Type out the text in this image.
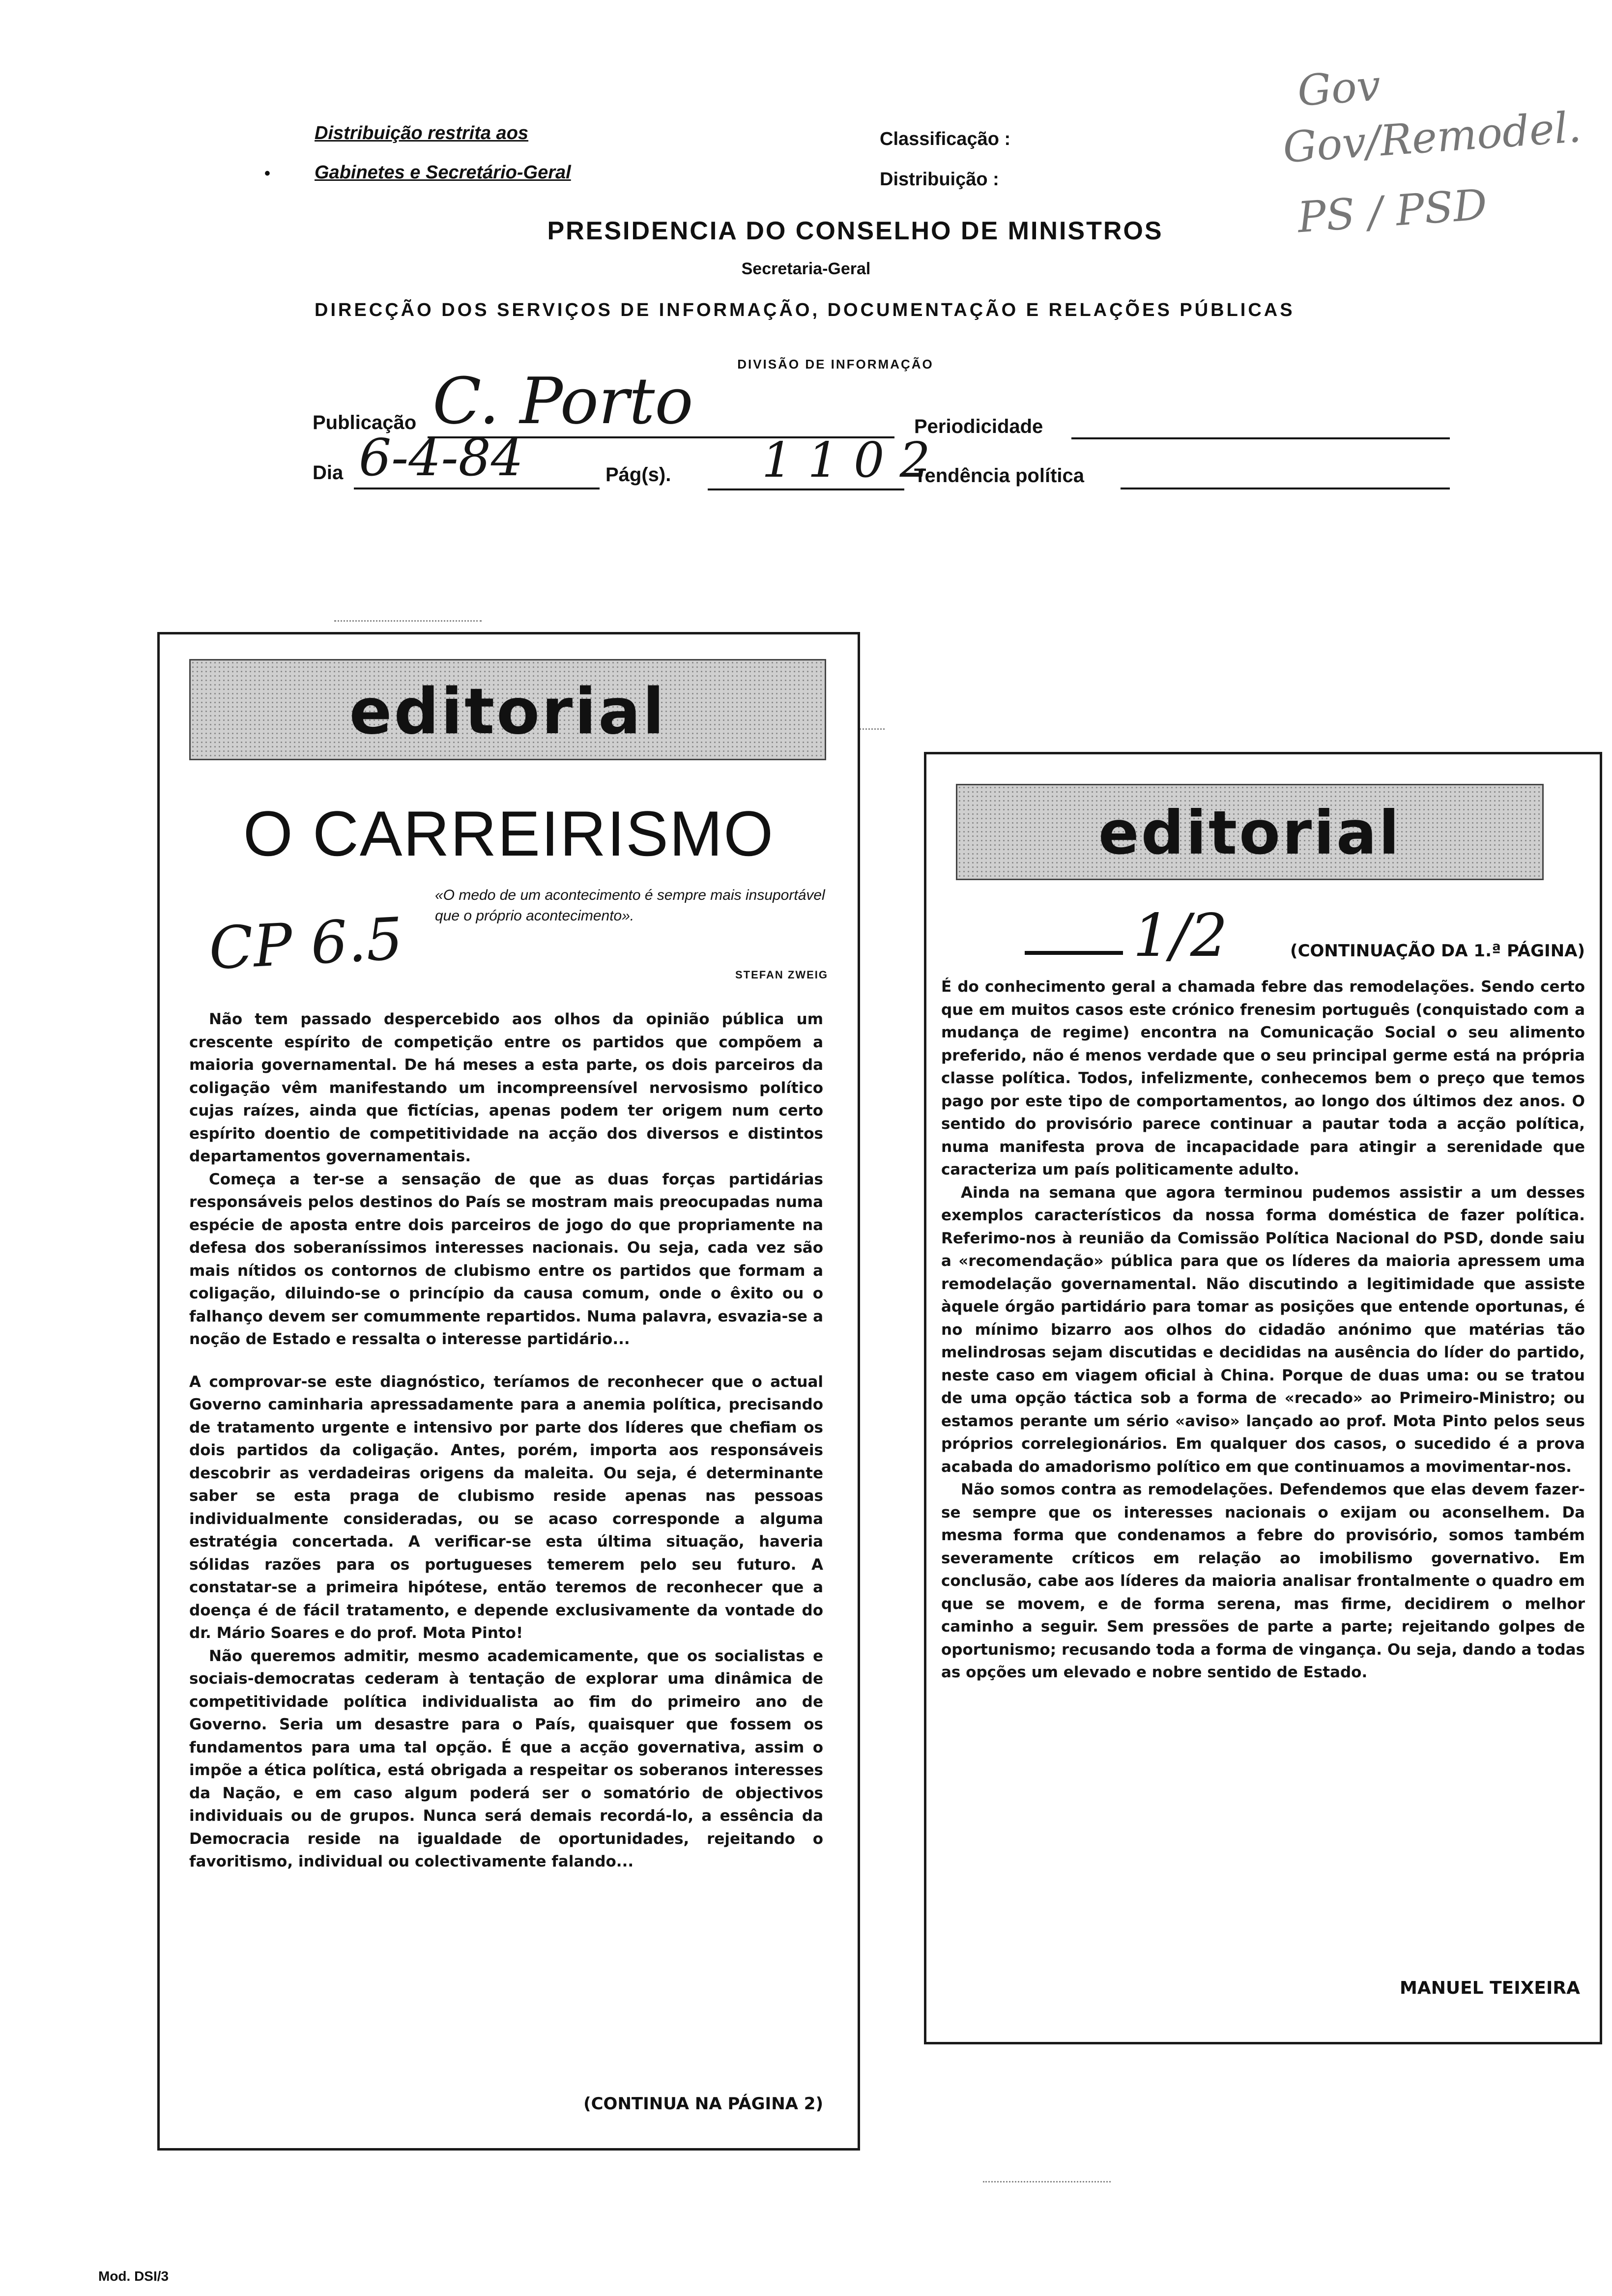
Distribuição restrita aos
• Gabinetes e Secretário-Geral
Classificação :
Distribuição :
PRESIDENCIA DO CONSELHO DE MINISTROS
Secretaria-Geral
DIRECÇÃO DOS SERVIÇOS DE INFORMAÇÃO, DOCUMENTAÇÃO E RELAÇÕES PÚBLICAS
DIVISÃO DE INFORMAÇÃO
Gov
Gov/Remodel.
PS / PSD
Publicação C. Porto	Periodicidade
Dia 6-4-84	Pág(s). 1 1 0 2
Tendência política
editorial
O CARREIRISMO
CP 6.5
«O medo de um acontecimento é sempre mais insuportável que o próprio acontecimento».
STEFAN ZWEIG

Não tem passado despercebido aos olhos da opinião pública um crescente espírito de competição entre os partidos que compõem a maioria governamental. De há meses a esta parte, os dois parceiros da coligação vêm manifestando um incompreensível nervosismo político cujas raízes, ainda que fictícias, apenas podem ter origem num certo espírito doentio de competitividade na acção dos diversos e distintos departamentos governamentais.

Começa a ter-se a sensação de que as duas forças partidárias responsáveis pelos destinos do País se mostram mais preocupadas numa espécie de aposta entre dois parceiros de jogo do que propriamente na defesa dos soberaníssimos interesses nacionais. Ou seja, cada vez são mais nítidos os contornos de clubismo entre os partidos que formam a coligação, diluindo-se o princípio da causa comum, onde o êxito ou o falhanço devem ser comummente repartidos. Numa palavra, esvazia-se a noção de Estado e ressalta o interesse partidário...

A comprovar-se este diagnóstico, teríamos de reconhecer que o actual Governo caminharia apressadamente para a anemia política, precisando de tratamento urgente e intensivo por parte dos líderes que chefiam os dois partidos da coligação. Antes, porém, importa aos responsáveis descobrir as verdadeiras origens da maleita. Ou seja, é determinante saber se esta praga de clubismo reside apenas nas pessoas individualmente consideradas, ou se acaso corresponde a alguma estratégia concertada. A verificar-se esta última situação, haveria sólidas razões para os portugueses temerem pelo seu futuro. A constatar-se a primeira hipótese, então teremos de reconhecer que a doença é de fácil tratamento, e depende exclusivamente da vontade do dr. Mário Soares e do prof. Mota Pinto!

Não queremos admitir, mesmo academicamente, que os socialistas e sociais-democratas cederam à tentação de explorar uma dinâmica de competitividade política individualista ao fim do primeiro ano de Governo. Seria um desastre para o País, quaisquer que fossem os fundamentos para uma tal opção. É que a acção governativa, assim o impõe a ética política, está obrigada a respeitar os soberanos interesses da Nação, e em caso algum poderá ser o somatório de objectivos individuais ou de grupos. Nunca será demais recordá-lo, a essência da Democracia reside na igualdade de oportunidades, rejeitando o favoritismo, individual ou colectivamente falando...

(CONTINUA NA PÁGINA 2)
editorial
1/2	(CONTINUAÇÃO DA 1.ª PÁGINA)

É do conhecimento geral a chamada febre das remodelações. Sendo certo que em muitos casos este crónico frenesim português (conquistado com a mudança de regime) encontra na Comunicação Social o seu alimento preferido, não é menos verdade que o seu principal germe está na própria classe política. Todos, infelizmente, conhecemos bem o preço que temos pago por este tipo de comportamentos, ao longo dos últimos dez anos. O sentido do provisório parece continuar a pautar toda a acção política, numa manifesta prova de incapacidade para atingir a serenidade que caracteriza um país politicamente adulto.

Ainda na semana que agora terminou pudemos assistir a um desses exemplos característicos da nossa forma doméstica de fazer política. Referimo-nos à reunião da Comissão Política Nacional do PSD, donde saiu a «recomendação» pública para que os líderes da maioria apressem uma remodelação governamental. Não discutindo a legitimidade que assiste àquele órgão partidário para tomar as posições que entende oportunas, é no mínimo bizarro aos olhos do cidadão anónimo que matérias tão melindrosas sejam discutidas e decididas na ausência do líder do partido, neste caso em viagem oficial à China. Porque de duas uma: ou se tratou de uma opção táctica sob a forma de «recado» ao Primeiro-Ministro; ou estamos perante um sério «aviso» lançado ao prof. Mota Pinto pelos seus próprios correlegionários. Em qualquer dos casos, o sucedido é a prova acabada do amadorismo político em que continuamos a movimentar-nos.

Não somos contra as remodelações. Defendemos que elas devem fazer-se sempre que os interesses nacionais o exijam ou aconselhem. Da mesma forma que condenamos a febre do provisório, somos também severamente críticos em relação ao imobilismo governativo. Em conclusão, cabe aos líderes da maioria analisar frontalmente o quadro em que se movem, e de forma serena, mas firme, decidirem o melhor caminho a seguir. Sem pressões de parte a parte; rejeitando golpes de oportunismo; recusando toda a forma de vingança. Ou seja, dando a todas as opções um elevado e nobre sentido de Estado.

MANUEL TEIXEIRA
Mod. DSI/3
